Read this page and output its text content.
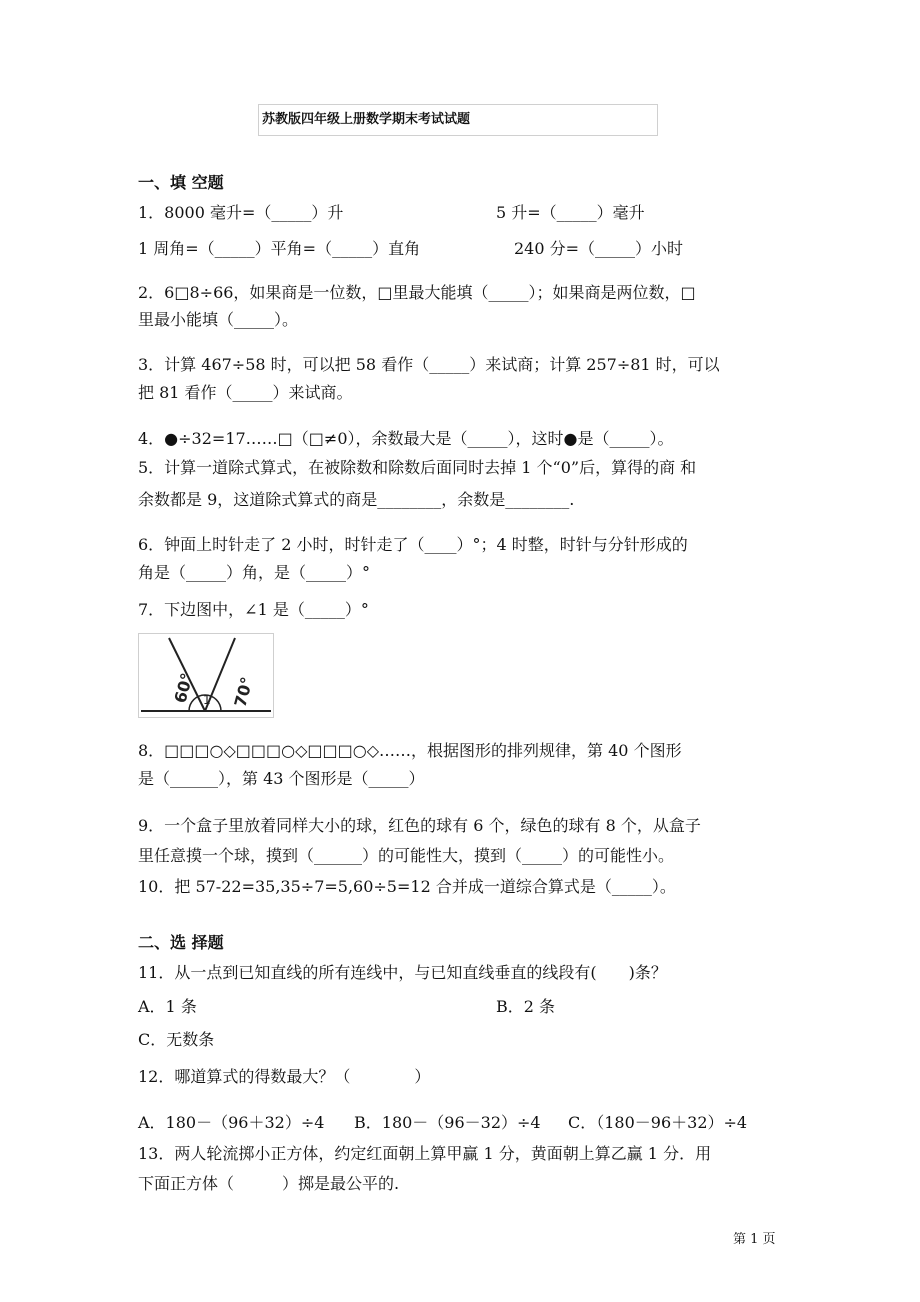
苏教版四年级上册数学期末考试试题
一、填 空题
1．8000 毫升=（_____）升	5 升=（_____）毫升
1 周角=（_____）平角=（_____）直角	240 分=（_____）小时
2．6□8÷66，如果商是一位数，□里最大能填（_____）；如果商是两位数，□
里最小能填（_____）。
3．计算 467÷58 时，可以把 58 看作（_____）来试商；计算 257÷81 时，可以
把 81 看作（_____）来试商。
4．●÷32=17……□（□≠0），余数最大是（_____），这时●是（_____）。
5．计算一道除式算式，在被除数和除数后面同时去掉 1 个“0”后，算得的商 和
余数都是 9，这道除式算式的商是________，余数是________.
6．钟面上时针走了 2 小时，时针走了（____）°；4 时整，时针与分针形成的
角是（_____）角，是（_____）°
7．下边图中，∠1 是（_____）°
1
60° 70°
8．□□□○◇□□□○◇□□□○◇……，根据图形的排列规律，第 40 个图形
是（______），第 43 个图形是（_____）
9．一个盒子里放着同样大小的球，红色的球有 6 个，绿色的球有 8 个，从盒子
里任意摸一个球，摸到（______）的可能性大，摸到（_____）的可能性小。
10．把 57-22=35,35÷7=5,60÷5=12 合并成一道综合算式是（_____）。
二、选 择题
11．从一点到已知直线的所有连线中，与已知直线垂直的线段有(　　)条？
A．1 条	B．2 条
C．无数条
12．哪道算式的得数最大？（　　　　）
A．180－（96＋32）÷4 B．180－（96－32）÷4 C．（180－96＋32）÷4
13．两人轮流掷小正方体，约定红面朝上算甲赢 1 分，黄面朝上算乙赢 1 分．用
下面正方体（　　　）掷是最公平的.
第 1 页
